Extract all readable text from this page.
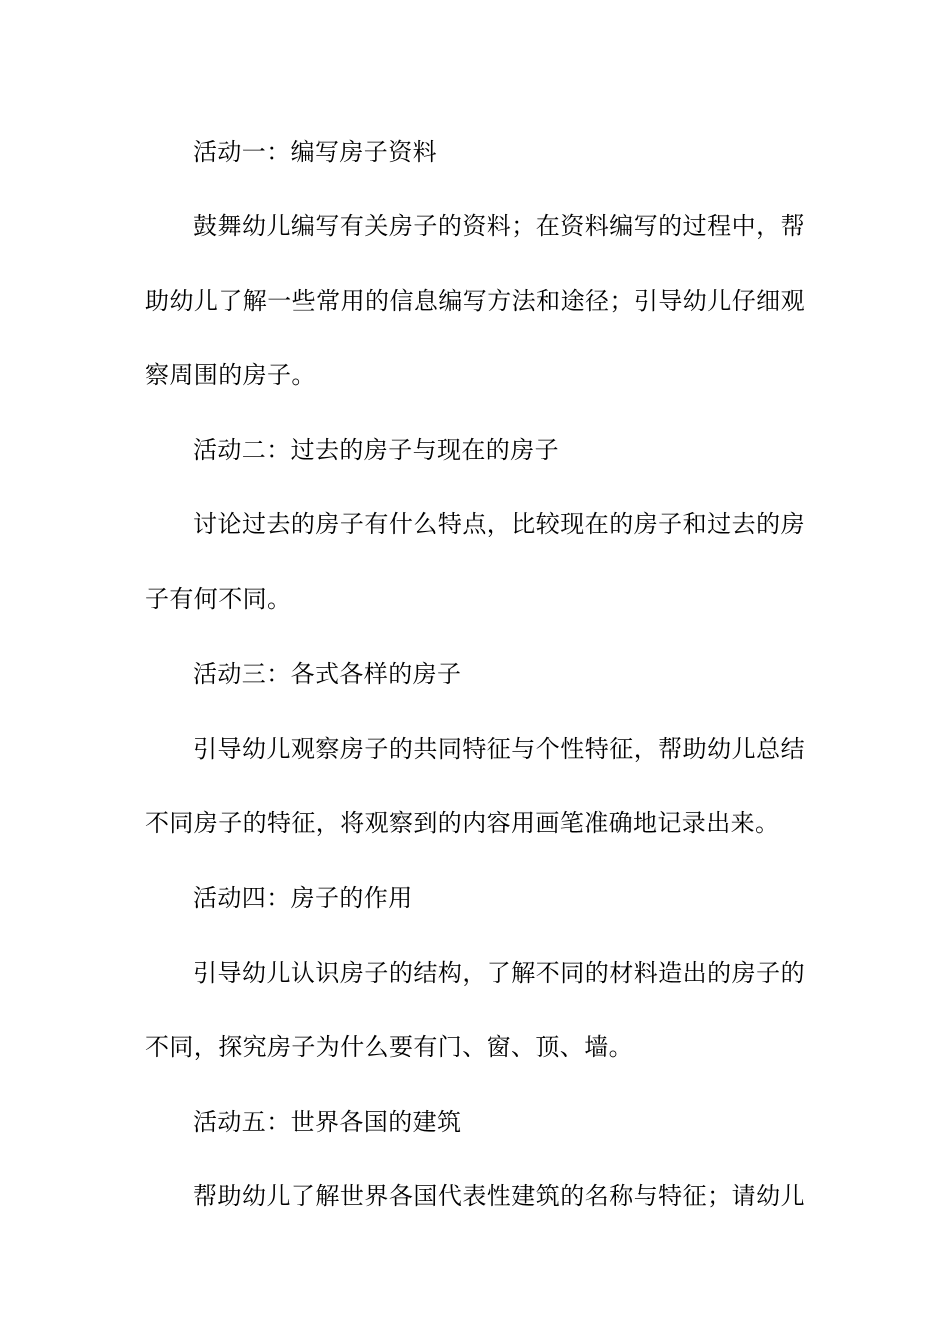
活动一：编写房子资料
鼓舞幼儿编写有关房子的资料；在资料编写的过程中，帮
助幼儿了解一些常用的信息编写方法和途径；引导幼儿仔细观
察周围的房子。
活动二：过去的房子与现在的房子
讨论过去的房子有什么特点，比较现在的房子和过去的房
子有何不同。
活动三：各式各样的房子
引导幼儿观察房子的共同特征与个性特征，帮助幼儿总结
不同房子的特征，将观察到的内容用画笔准确地记录出来。
活动四：房子的作用
引导幼儿认识房子的结构，了解不同的材料造出的房子的
不同，探究房子为什么要有门、窗、顶、墙。
活动五：世界各国的建筑
帮助幼儿了解世界各国代表性建筑的名称与特征；请幼儿
